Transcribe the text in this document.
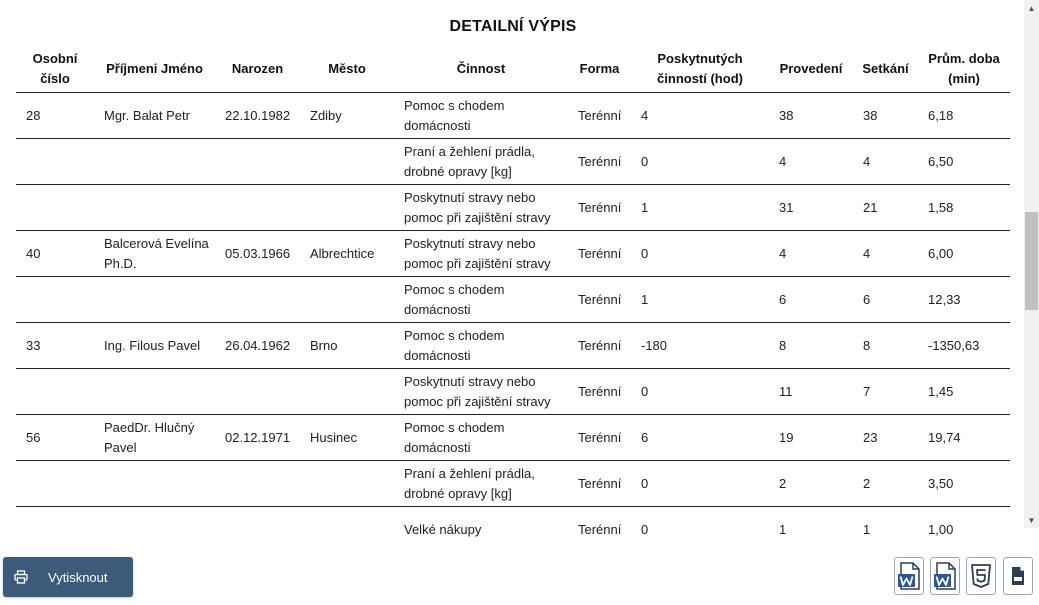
DETAILNÍ VÝPIS
Osobní číslo	Příjmeni Jméno	Narozen	Město	Činnost	Forma	Poskytnutých činností (hod)	Provedení	Setkání	Prům. doba (min)
28	Mgr. Balat Petr	22.10.1982	Zdiby	Pomoc s chodem domácnosti	Terénní	4	38	38	6,18
				Praní a žehlení prádla, drobné opravy [kg]	Terénní	0	4	4	6,50
				Poskytnutí stravy nebo pomoc při zajištění stravy	Terénní	1	31	21	1,58
40	Balcerová Evelína Ph.D.	05.03.1966	Albrechtice	Poskytnutí stravy nebo pomoc při zajištění stravy	Terénní	0	4	4	6,00
				Pomoc s chodem domácnosti	Terénní	1	6	6	12,33
33	Ing. Filous Pavel	26.04.1962	Brno	Pomoc s chodem domácnosti	Terénní	-180	8	8	-1350,63
				Poskytnutí stravy nebo pomoc při zajištění stravy	Terénní	0	11	7	1,45
56	PaedDr. Hlučný Pavel	02.12.1971	Husinec	Pomoc s chodem domácnosti	Terénní	6	19	23	19,74
				Praní a žehlení prádla, drobné opravy [kg]	Terénní	0	2	2	3,50
				Velké nákupy	Terénní	0	1	1	1,00
▲
▼
Vytisknout
